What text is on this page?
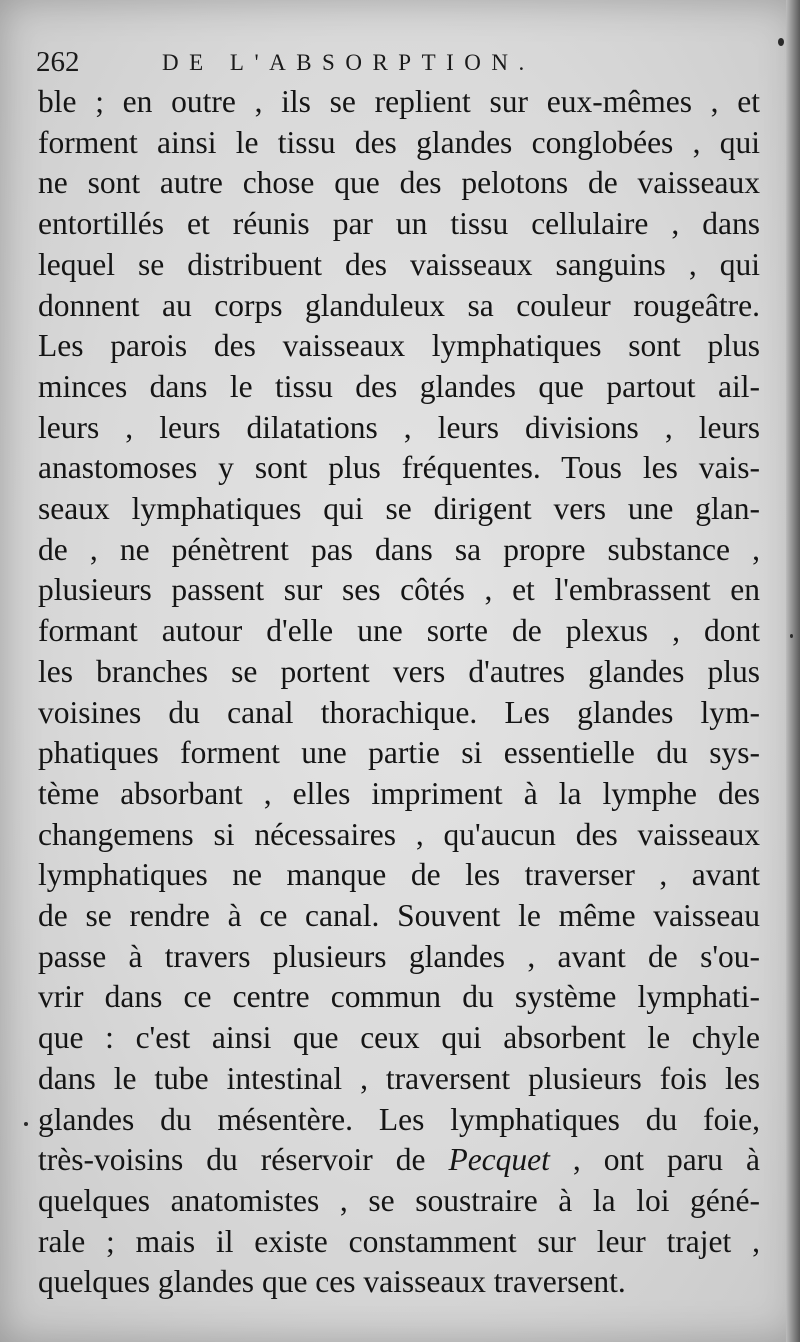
262	DE L'ABSORPTION.
ble ; en outre , ils se replient sur eux-mêmes , et
forment ainsi le tissu des glandes conglobées , qui
ne sont autre chose que des pelotons de vaisseaux
entortillés et réunis par un tissu cellulaire , dans
lequel se distribuent des vaisseaux sanguins , qui
donnent au corps glanduleux sa couleur rougeâtre.
Les parois des vaisseaux lymphatiques sont plus
minces dans le tissu des glandes que partout ail-
leurs , leurs dilatations , leurs divisions , leurs
anastomoses y sont plus fréquentes. Tous les vais-
seaux lymphatiques qui se dirigent vers une glan-
de , ne pénètrent pas dans sa propre substance ,
plusieurs passent sur ses côtés , et l'embrassent en
formant autour d'elle une sorte de plexus , dont
les branches se portent vers d'autres glandes plus
voisines du canal thorachique. Les glandes lym-
phatiques forment une partie si essentielle du sys-
tème absorbant , elles impriment à la lymphe des
changemens si nécessaires , qu'aucun des vaisseaux
lymphatiques ne manque de les traverser , avant
de se rendre à ce canal. Souvent le même vaisseau
passe à travers plusieurs glandes , avant de s'ou-
vrir dans ce centre commun du système lymphati-
que : c'est ainsi que ceux qui absorbent le chyle
dans le tube intestinal , traversent plusieurs fois les
glandes du mésentère. Les lymphatiques du foie,
très-voisins du réservoir de Pecquet , ont paru à
quelques anatomistes , se soustraire à la loi géné-
rale ; mais il existe constamment sur leur trajet ,
quelques glandes que ces vaisseaux traversent.
